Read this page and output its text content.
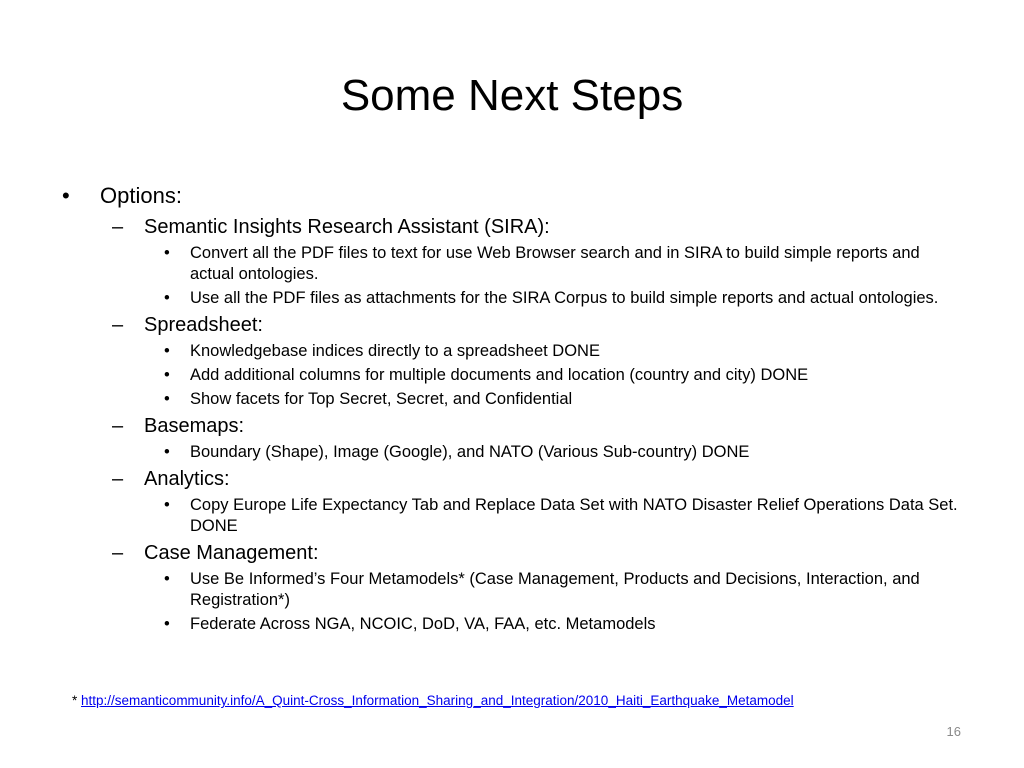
Some Next Steps
• Options:
– Semantic Insights Research Assistant (SIRA):
• Convert all the PDF files to text for use Web Browser search and in SIRA to build simple reports and actual ontologies.
• Use all the PDF files as attachments for the SIRA Corpus to build simple reports and actual ontologies.
– Spreadsheet:
• Knowledgebase indices directly to a spreadsheet DONE
• Add additional columns for multiple documents and location (country and city) DONE
• Show facets for Top Secret, Secret, and Confidential
– Basemaps:
• Boundary (Shape), Image (Google), and NATO (Various Sub-country) DONE
– Analytics:
• Copy Europe Life Expectancy Tab and Replace Data Set with NATO Disaster Relief Operations Data Set. DONE
– Case Management:
• Use Be Informed’s Four Metamodels* (Case Management, Products and Decisions, Interaction, and Registration*)
• Federate Across NGA, NCOIC, DoD, VA, FAA, etc. Metamodels
* http://semanticommunity.info/A_Quint-Cross_Information_Sharing_and_Integration/2010_Haiti_Earthquake_Metamodel
16
